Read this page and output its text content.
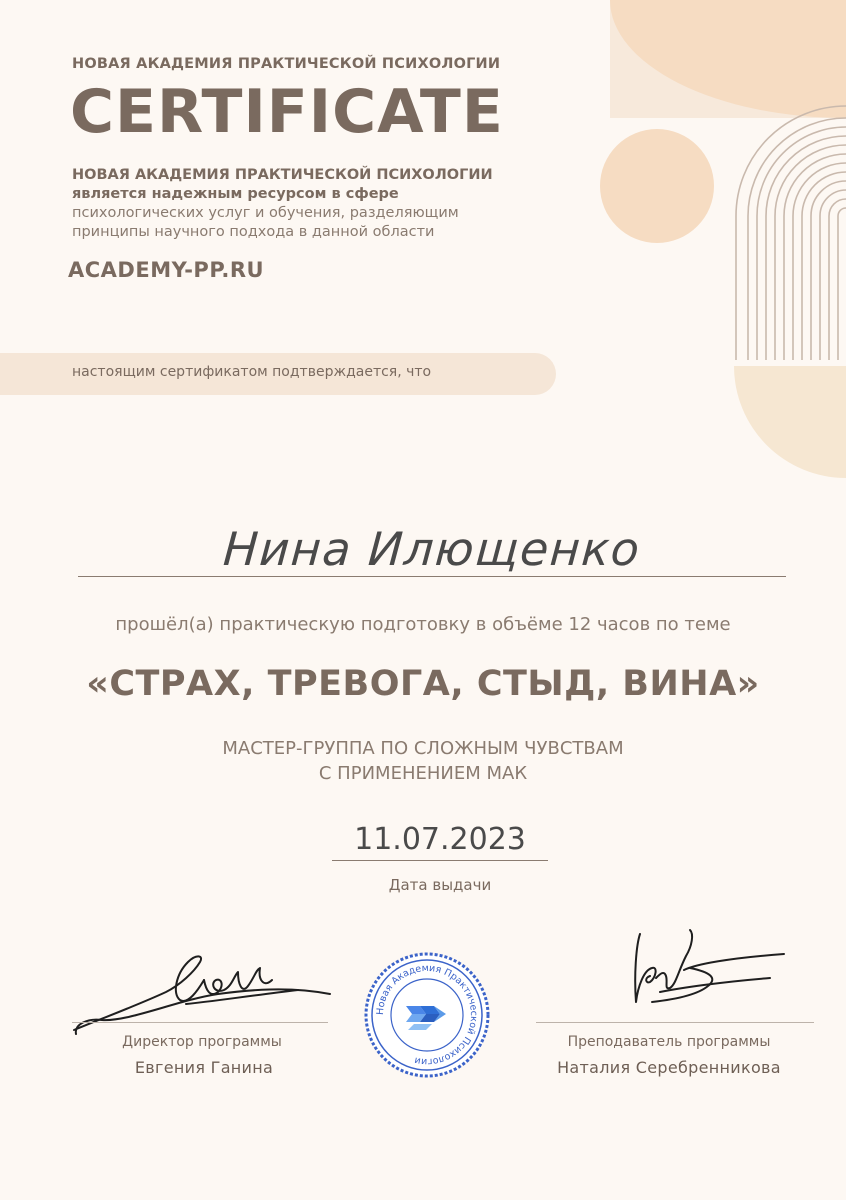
НОВАЯ АКАДЕМИЯ ПРАКТИЧЕСКОЙ ПСИХОЛОГИИ
CERTIFICATE
НОВАЯ АКАДЕМИЯ ПРАКТИЧЕСКОЙ ПСИХОЛОГИИ
является надежным ресурсом в сфере
психологических услуг и обучения, разделяющим
принципы научного подхода в данной области
ACADEMY-PP.RU
настоящим сертификатом подтверждается, что
Нина Илющенко
прошёл(а) практическую подготовку в объёме 12 часов по теме
«СТРАХ, ТРЕВОГА, СТЫД, ВИНА»
МАСТЕР-ГРУППА ПО СЛОЖНЫМ ЧУВСТВАМ
С ПРИМЕНЕНИЕМ МАК
11.07.2023
Дата выдачи
Директор программы
Евгения Ганина
Новая Академия Практической Психологии
Преподаватель программы
Наталия Серебренникова
